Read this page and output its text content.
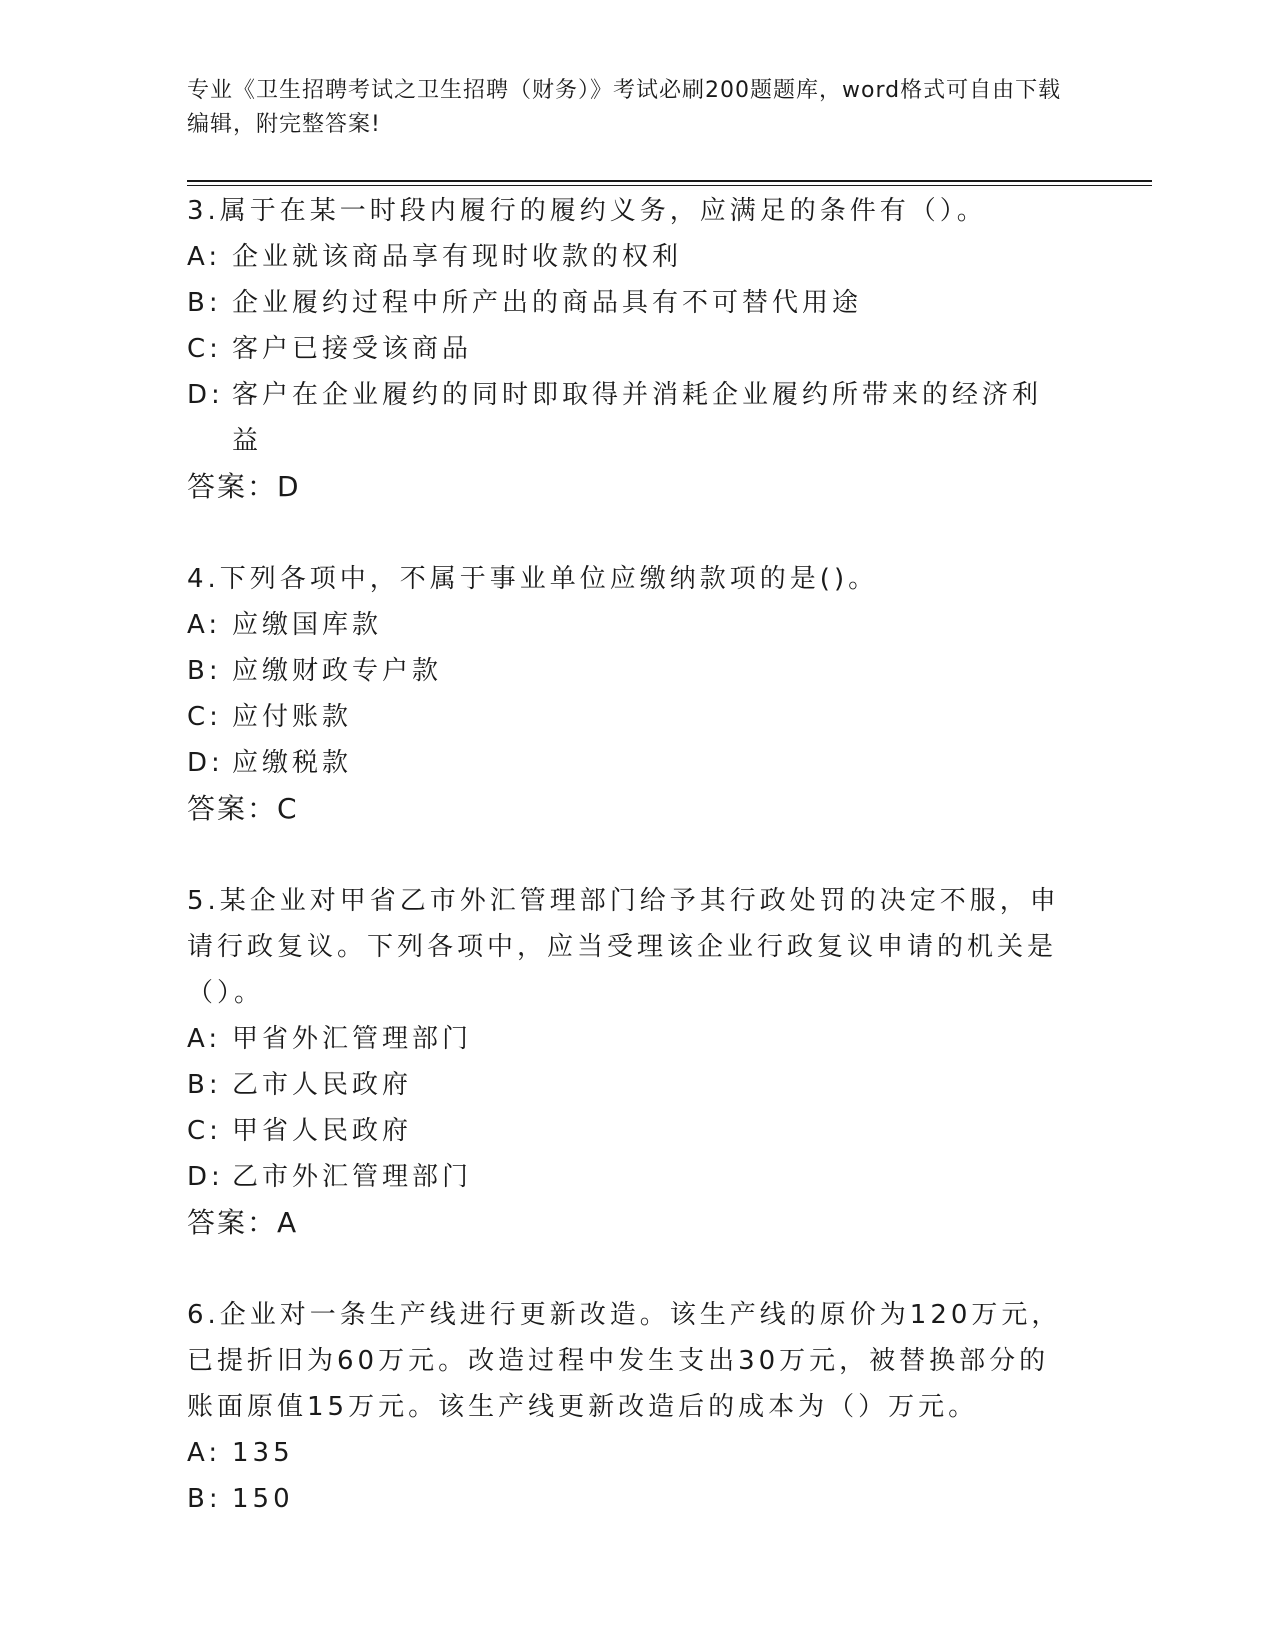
专业《卫生招聘考试之卫生招聘（财务）》考试必刷200题题库，word格式可自由下载编辑，附完整答案!
3.属于在某一时段内履行的履约义务，应满足的条件有（）。
A: 企业就该商品享有现时收款的权利
B: 企业履约过程中所产出的商品具有不可替代用途
C: 客户已接受该商品
D: 客户在企业履约的同时即取得并消耗企业履约所带来的经济利益
答案：D
4.下列各项中，不属于事业单位应缴纳款项的是()。
A: 应缴国库款
B: 应缴财政专户款
C: 应付账款
D: 应缴税款
答案：C
5.某企业对甲省乙市外汇管理部门给予其行政处罚的决定不服，申请行政复议。下列各项中，应当受理该企业行政复议申请的机关是（）。
A: 甲省外汇管理部门
B: 乙市人民政府
C: 甲省人民政府
D: 乙市外汇管理部门
答案：A
6.企业对一条生产线进行更新改造。该生产线的原价为120万元，已提折旧为60万元。改造过程中发生支出30万元，被替换部分的账面原值15万元。该生产线更新改造后的成本为（）万元。
A: 135
B: 150
